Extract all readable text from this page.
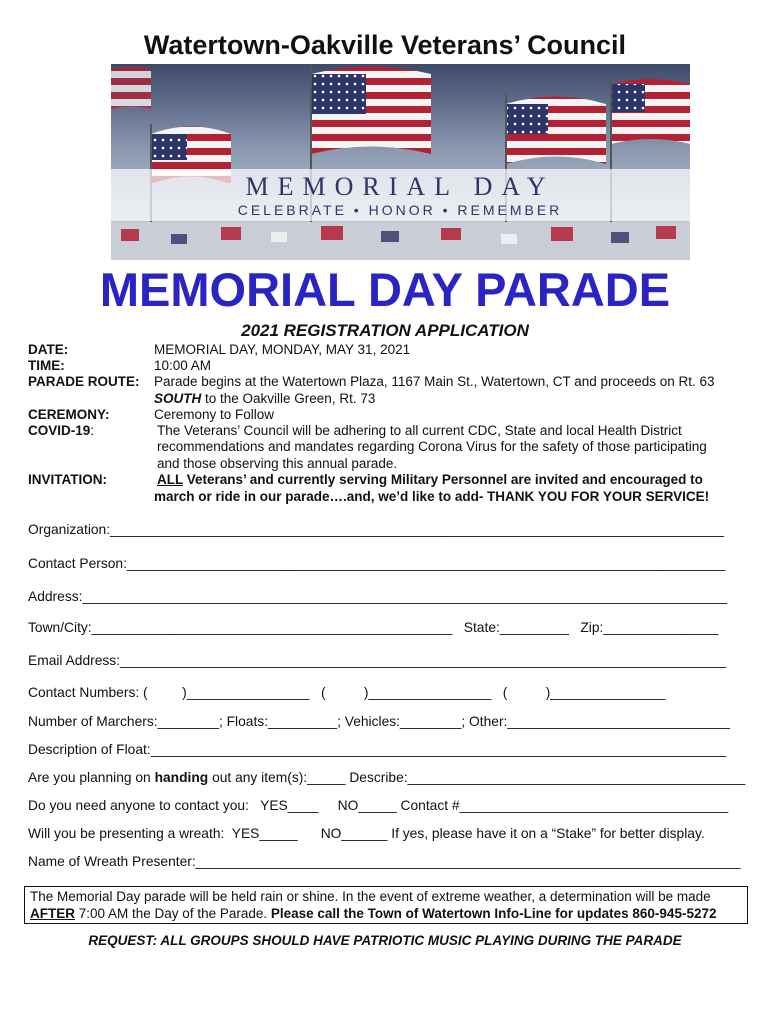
Watertown-Oakville Veterans’ Council
MEMORIAL DAY
CELEBRATE • HONOR • REMEMBER
MEMORIAL DAY PARADE
2021 REGISTRATION APPLICATION
DATE:	MEMORIAL DAY, MONDAY, MAY 31, 2021
TIME:	10:00 AM
PARADE ROUTE: Parade begins at the Watertown Plaza, 1167 Main St., Watertown, CT and proceeds on Rt. 63
SOUTH to the Oakville Green, Rt. 73
CEREMONY:	Ceremony to Follow
COVID-19:	The Veterans’ Council will be adhering to all current CDC, State and local Health District
recommendations and mandates regarding Corona Virus for the safety of those participating
and those observing this annual parade.
INVITATION:	ALL Veterans’ and currently serving Military Personnel are invited and encouraged to
march or ride in our parade….and, we’d like to add- THANK YOU FOR YOUR SERVICE!
Organization:________________________________________________________________________________
Contact Person:______________________________________________________________________________
Address:____________________________________________________________________________________
Town/City:_______________________________________________   State:_________   Zip:_______________
Email Address:_______________________________________________________________________________
Contact Numbers: (         )________________   (          )________________   (          )_______________
Number of Marchers:________; Floats:_________; Vehicles:________; Other:_____________________________
Description of Float:___________________________________________________________________________
Are you planning on handing out any item(s):_____ Describe:____________________________________________
Do you need anyone to contact you:   YES____     NO_____ Contact #___________________________________
Will you be presenting a wreath:  YES_____      NO______ If yes, please have it on a “Stake” for better display.
Name of Wreath Presenter:_______________________________________________________________________
The Memorial Day parade will be held rain or shine. In the event of extreme weather, a determination will be made
AFTER 7:00 AM the Day of the Parade. Please call the Town of Watertown Info-Line for updates 860-945-5272
REQUEST: ALL GROUPS SHOULD HAVE PATRIOTIC MUSIC PLAYING DURING THE PARADE
